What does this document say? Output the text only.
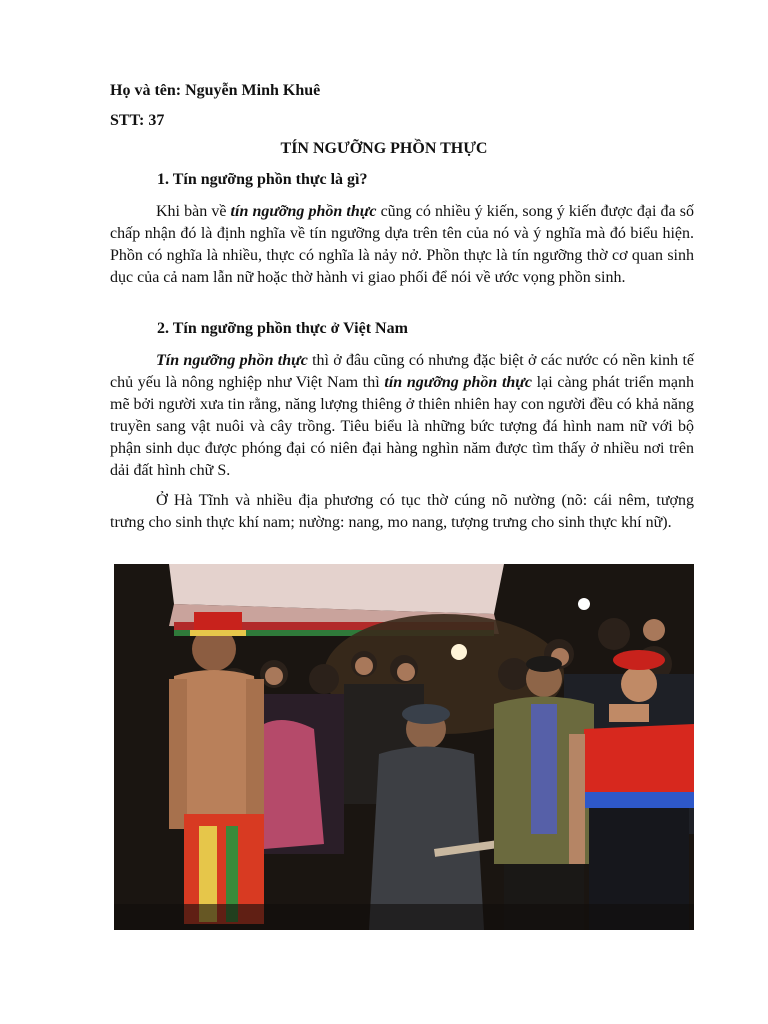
Họ và tên: Nguyễn Minh Khuê
STT: 37
TÍN NGƯỠNG PHỒN THỰC
1. Tín ngưỡng phồn thực là gì?

Khi bàn về tín ngưỡng phồn thực cũng có nhiều ý kiến, song ý kiến được đại đa số chấp nhận đó là định nghĩa về tín ngưỡng dựa trên tên của nó và ý nghĩa mà đó biểu hiện. Phồn có nghĩa là nhiều, thực có nghĩa là nảy nở. Phồn thực là tín ngưỡng thờ cơ quan sinh dục của cả nam lẫn nữ hoặc thờ hành vi giao phối để nói về ước vọng phồn sinh.

2. Tín ngưỡng phồn thực ở Việt Nam

Tín ngưỡng phồn thực thì ở đâu cũng có nhưng đặc biệt ở các nước có nền kinh tế chủ yếu là nông nghiệp như Việt Nam thì tín ngưỡng phồn thực lại càng phát triển mạnh mẽ bởi người xưa tin rằng, năng lượng thiêng ở thiên nhiên hay con người đều có khả năng truyền sang vật nuôi và cây trồng. Tiêu biểu là những bức tượng đá hình nam nữ với bộ phận sinh dục được phóng đại có niên đại hàng nghìn năm được tìm thấy ở nhiều nơi trên dải đất hình chữ S.

Ở Hà Tĩnh và nhiều địa phương có tục thờ cúng nõ nường (nõ: cái nêm, tượng trưng cho sinh thực khí nam; nường: nang, mo nang, tượng trưng cho sinh thực khí nữ).
